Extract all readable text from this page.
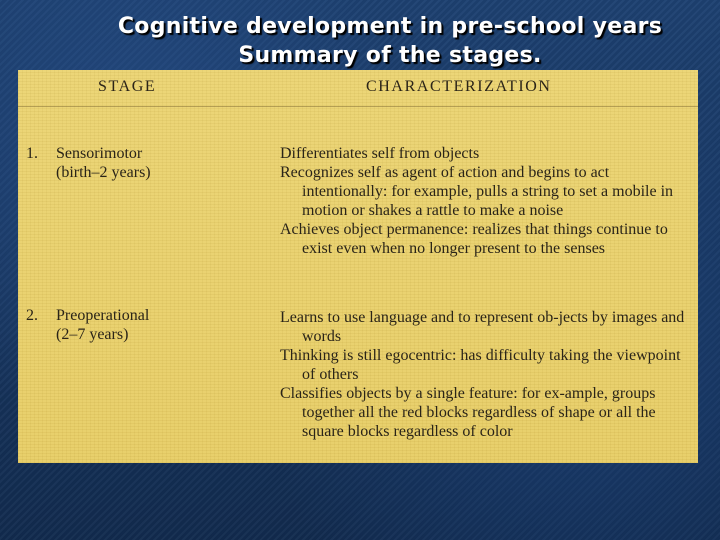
Cognitive development in pre-school years
Summary of the stages.
STAGE	CHARACTERIZATION
1. Sensorimotor
(birth–2 years)

Differentiates self from objects

Recognizes self as agent of action and begins to act intentionally: for example, pulls a string to set a mobile in motion or shakes a rattle to make a noise

Achieves object permanence: realizes that things continue to exist even when no longer present to the senses

2. Preoperational
(2–7 years)

Learns to use language and to represent ob-jects by images and words

Thinking is still egocentric: has difficulty taking the viewpoint of others

Classifies objects by a single feature: for ex-ample, groups together all the red blocks regardless of shape or all the square blocks regardless of color
